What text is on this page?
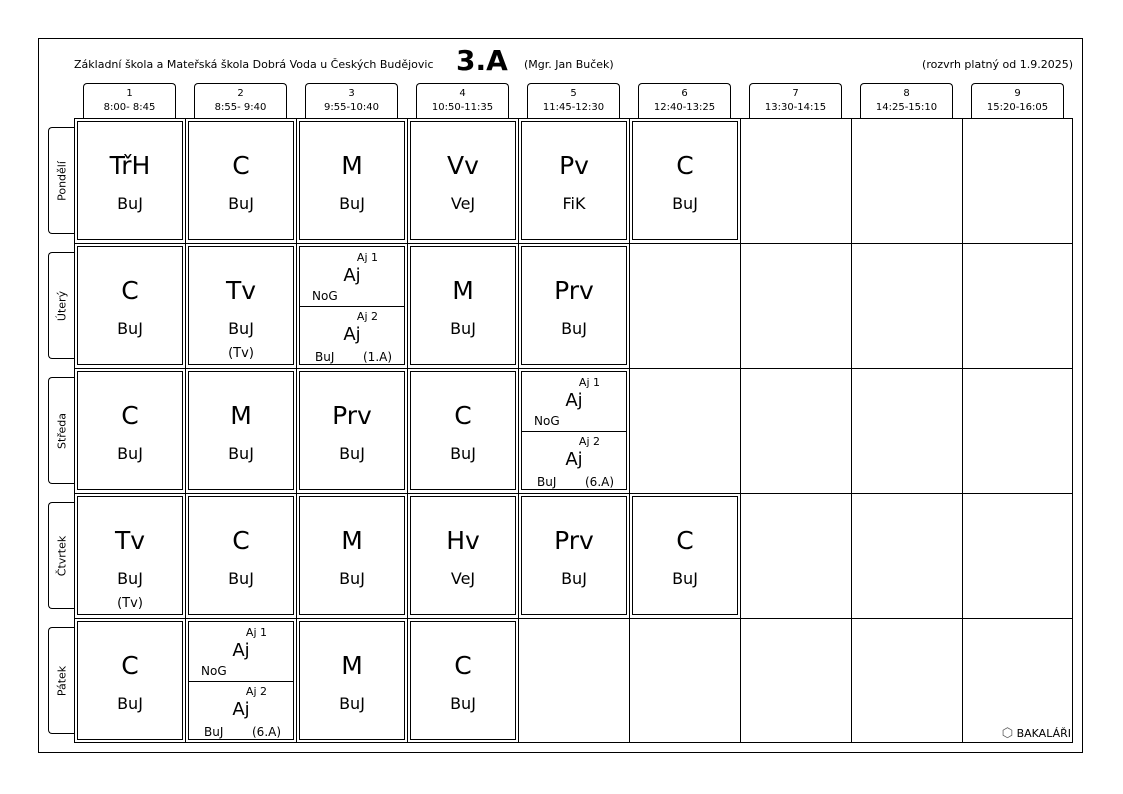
Základní škola a Mateřská škola Dobrá Voda u Českých Budějovic 3.A (Mgr. Jan Buček)	(rozvrh platný od 1.9.2025)
1
8:00- 8:45
2
8:55- 9:40
3
9:55-10:40
4
10:50-11:35
5
11:45-12:30
6
12:40-13:25
7
13:30-14:15
8
14:25-15:10
9
15:20-16:05
Pondělí
Úterý
Středa
Čtvrtek
Pátek
TřH
BuJ
C
BuJ
M
BuJ
Vv
VeJ
Pv
FiK
C
BuJ
C
BuJ
Tv
BuJ
(Tv)
Aj 1
Aj
NoG
Aj 2
Aj
BuJ (1.A)
M
BuJ
Prv
BuJ
C
BuJ
M
BuJ
Prv
BuJ
C
BuJ
Aj 1
Aj
NoG
Aj 2
Aj
BuJ (6.A)
Tv
BuJ
(Tv)
C
BuJ
M
BuJ
Hv
VeJ
Prv
BuJ
C
BuJ
C
BuJ
Aj 1
Aj
NoG
Aj 2
Aj
BuJ (6.A)
M
BuJ
C
BuJ
⬡ BAKALÁŘI
